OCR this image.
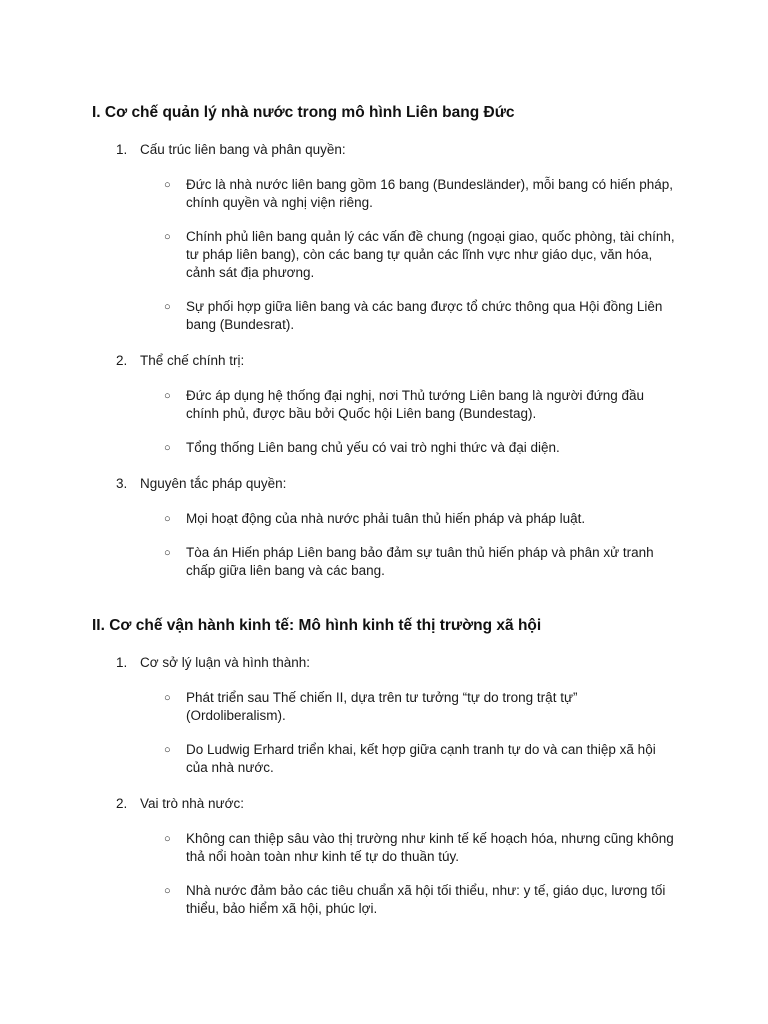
I. Cơ chế quản lý nhà nước trong mô hình Liên bang Đức
1. Cấu trúc liên bang và phân quyền:
○ Đức là nhà nước liên bang gồm 16 bang (Bundesländer), mỗi bang có hiến pháp, chính quyền và nghị viện riêng.
○ Chính phủ liên bang quản lý các vấn đề chung (ngoại giao, quốc phòng, tài chính, tư pháp liên bang), còn các bang tự quản các lĩnh vực như giáo dục, văn hóa, cảnh sát địa phương.
○ Sự phối hợp giữa liên bang và các bang được tổ chức thông qua Hội đồng Liên bang (Bundesrat).
2. Thể chế chính trị:
○ Đức áp dụng hệ thống đại nghị, nơi Thủ tướng Liên bang là người đứng đầu chính phủ, được bầu bởi Quốc hội Liên bang (Bundestag).
○ Tổng thống Liên bang chủ yếu có vai trò nghi thức và đại diện.
3. Nguyên tắc pháp quyền:
○ Mọi hoạt động của nhà nước phải tuân thủ hiến pháp và pháp luật.
○ Tòa án Hiến pháp Liên bang bảo đảm sự tuân thủ hiến pháp và phân xử tranh chấp giữa liên bang và các bang.
II. Cơ chế vận hành kinh tế: Mô hình kinh tế thị trường xã hội
1. Cơ sở lý luận và hình thành:
○ Phát triển sau Thế chiến II, dựa trên tư tưởng “tự do trong trật tự” (Ordoliberalism).
○ Do Ludwig Erhard triển khai, kết hợp giữa cạnh tranh tự do và can thiệp xã hội của nhà nước.
2. Vai trò nhà nước:
○ Không can thiệp sâu vào thị trường như kinh tế kế hoạch hóa, nhưng cũng không thả nổi hoàn toàn như kinh tế tự do thuần túy.
○ Nhà nước đảm bảo các tiêu chuẩn xã hội tối thiểu, như: y tế, giáo dục, lương tối thiểu, bảo hiểm xã hội, phúc lợi.
